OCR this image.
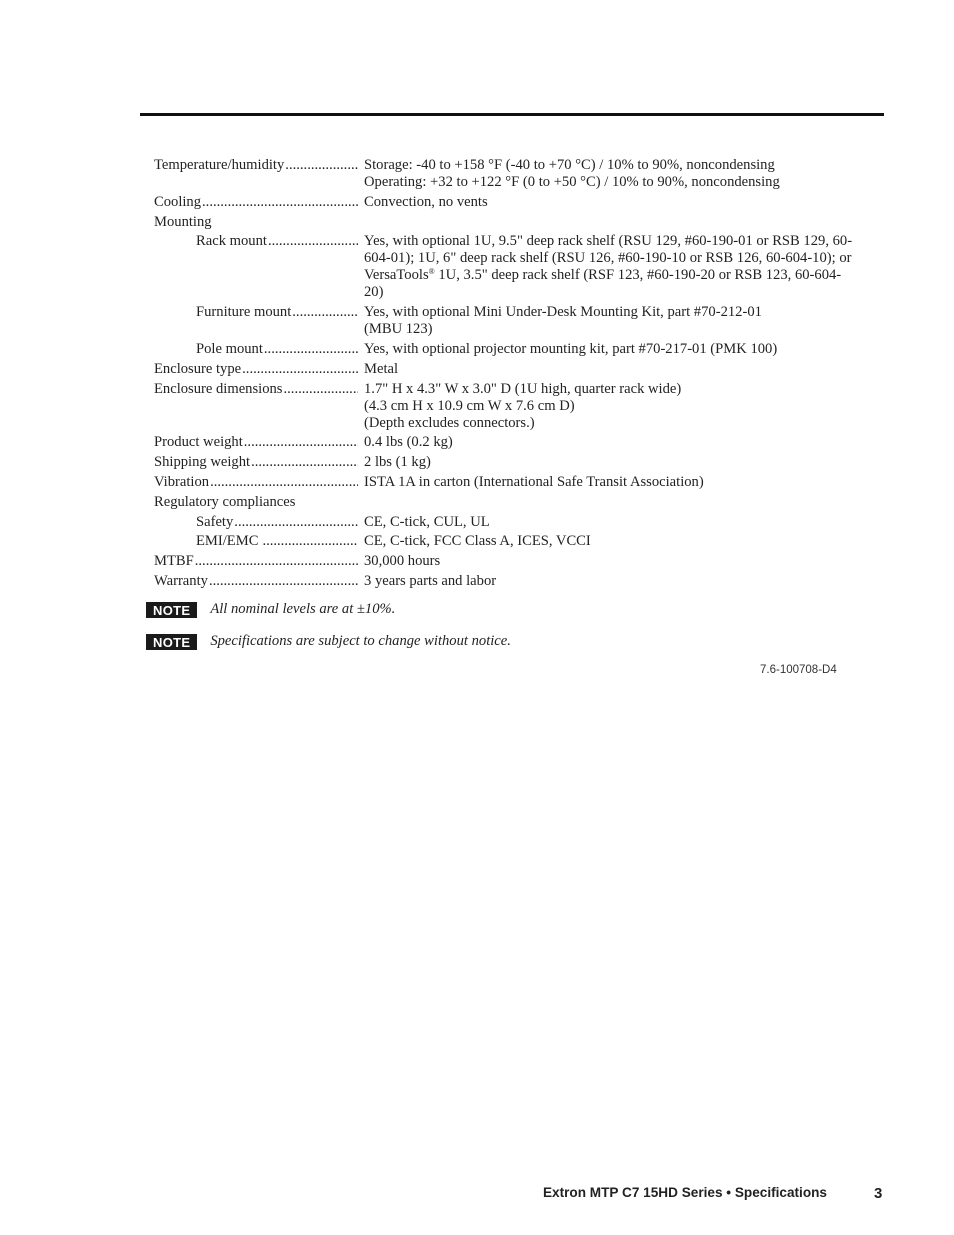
Temperature/humidity .....	Storage: -40 to +158 °F (-40 to +70 °C) / 10% to 90%, noncondensing
Operating: +32 to +122 °F (0 to +50 °C) / 10% to 90%, noncondensing
Cooling .....	Convection, no vents
Mounting
Rack mount .....	Yes, with optional 1U, 9.5" deep rack shelf (RSU 129, #60-190-01 or RSB 129, 60-604-01); 1U, 6" deep rack shelf (RSU 126, #60-190-10 or RSB 126, 60-604-10); or VersaTools® 1U, 3.5" deep rack shelf (RSF 123, #60-190-20 or RSB 123, 60-604-20)
Furniture mount .....	Yes, with optional Mini Under-Desk Mounting Kit, part #70-212-01
(MBU 123)
Pole mount .....	Yes, with optional projector mounting kit, part #70-217-01 (PMK 100)
Enclosure type .....	Metal
Enclosure dimensions .....	1.7" H x 4.3" W x 3.0" D (1U high, quarter rack wide)
(4.3 cm H x 10.9 cm W x 7.6 cm D)
(Depth excludes connectors.)
Product weight .....	0.4 lbs (0.2 kg)
Shipping weight .....	2 lbs (1 kg)
Vibration .....	ISTA 1A in carton (International Safe Transit Association)
Regulatory compliances
Safety .....	CE, C-tick, CUL, UL
EMI/EMC .....	CE, C-tick, FCC Class A, ICES, VCCI
MTBF .....	30,000 hours
Warranty .....	3 years parts and labor
NOTE	All nominal levels are at ±10%.
NOTE	Specifications are subject to change without notice.
7.6-100708-D4
Extron MTP C7 15HD Series • Specifications	3
